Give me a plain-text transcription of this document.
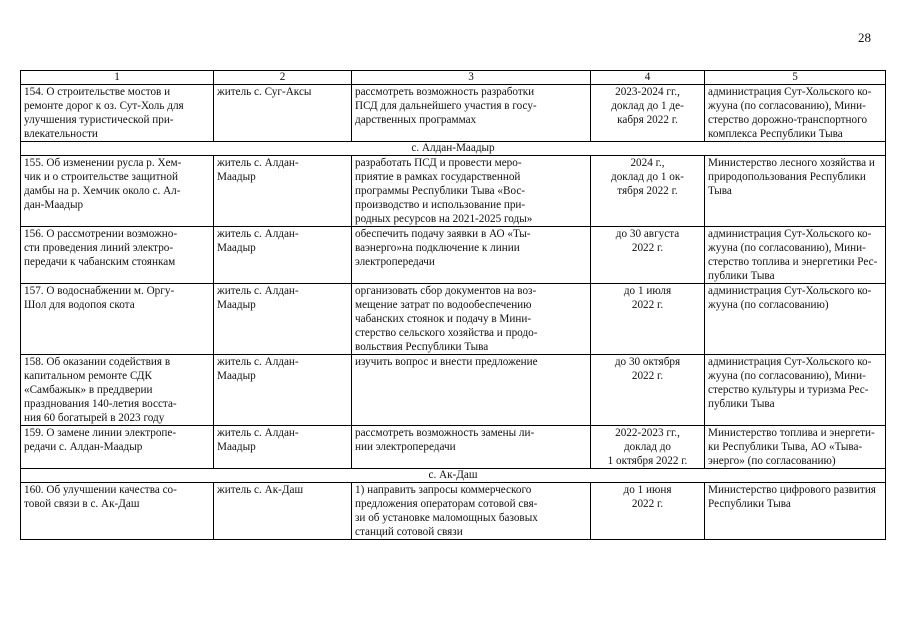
28
1	2	3	4	5
154. О строительстве мостов и
ремонте дорог к оз. Сут-Холь для
улучшения туристической при-
влекательности	житель с. Суг-Аксы	рассмотреть возможность разработки
ПСД для дальнейшего участия в госу-
дарственных программах	2023-2024 гг.,
доклад до 1 де-
кабря 2022 г.	администрация Сут-Хольского ко-
жууна (по согласованию), Мини-
стерство дорожно-транспортного
комплекса Республики Тыва
с. Алдан-Маадыр				
155. Об изменении русла р. Хем-
чик и о строительстве защитной
дамбы на р. Хемчик около с. Ал-
дан-Маадыр	житель с. Алдан-
Маадыр	разработать ПСД и провести меро-
приятие в рамках государственной
программы Республики Тыва «Вос-
производство и использование при-
родных ресурсов на 2021-2025 годы»	2024 г.,
доклад до 1 ок-
тября 2022 г.	Министерство лесного хозяйства и
природопользования Республики
Тыва
156. О рассмотрении возможно-
сти проведения линий электро-
передачи к чабанским стоянкам	житель с. Алдан-
Маадыр	обеспечить подачу заявки в АО «Ты-
ваэнерго»на подключение к линии
электропередачи	до 30 августа
2022 г.	администрация Сут-Хольского ко-
жууна (по согласованию), Мини-
стерство топлива и энергетики Рес-
публики Тыва
157. О водоснабжении м. Оргу-
Шол для водопоя скота	житель с. Алдан-
Маадыр	организовать сбор документов на воз-
мещение затрат по водообеспечению
чабанских стоянок и подачу в Мини-
стерство сельского хозяйства и продо-
вольствия Республики Тыва	до 1 июля
2022 г.	администрация Сут-Хольского ко-
жууна (по согласованию)
158. Об оказании содействия в
капитальном ремонте СДК
«Самбажык» в преддверии
празднования 140-летия восста-
ния 60 богатырей в 2023 году	житель с. Алдан-
Маадыр	изучить вопрос и внести предложение	до 30 октября
2022 г.	администрация Сут-Хольского ко-
жууна (по согласованию), Мини-
стерство культуры и туризма Рес-
публики Тыва
159. О замене линии электропе-
редачи с. Алдан-Маадыр	житель с. Алдан-
Маадыр	рассмотреть возможность замены ли-
нии электропередачи	2022-2023 гг.,
доклад до
1 октября 2022 г.	Министерство топлива и энергети-
ки Республики Тыва, АО «Тыва-
энерго» (по согласованию)
с. Ак-Даш				
160. Об улучшении качества со-
товой связи в с. Ак-Даш	житель с. Ак-Даш	1) направить запросы коммерческого
предложения операторам сотовой свя-
зи об установке маломощных базовых
станций сотовой связи	до 1 июня
2022 г.	Министерство цифрового развития
Республики Тыва
